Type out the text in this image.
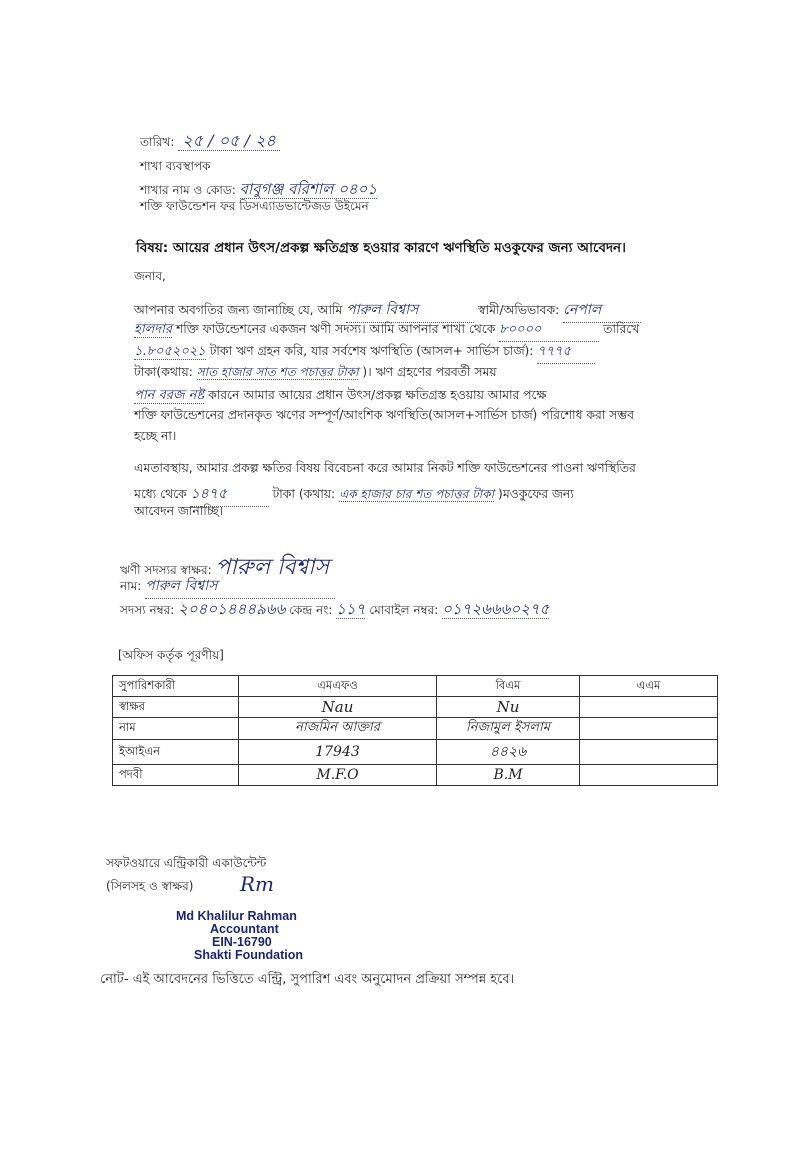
তারিখ: ২৫ / ০৫ / ২৪
শাখা ব্যবস্থাপক
শাখার নাম ও কোড: বাবুগঞ্জ বরিশাল ০৪০১
শক্তি ফাউন্ডেশন ফর ডিসএ্যাডভান্টেজড উইমেন
বিষয়: আয়ের প্রধান উৎস/প্রকল্প ক্ষতিগ্রস্ত হওয়ার কারণে ঋণস্থিতি মওকুফের জন্য আবেদন।
জনাব,
আপনার অবগতির জন্য জানাচ্ছি যে, আমি পারুল বিশ্বাস	স্বামী/অভিভাবক: নেপাল
হালদার শক্তি ফাউন্ডেশনের একজন ঋণী সদস্য। আমি আপনার শাখা থেকে ৮০০০০	তারিখে
১.৮০৫২০২১ টাকা ঋণ গ্রহন করি, যার সর্বশেষ ঋণস্থিতি (আসল+ সার্ভিস চার্জ): ৭৭৭৫
টাকা(কথায়: সাত হাজার সাত শত পচাত্তর টাকা )। ঋণ গ্রহণের পরবর্তী সময়
পান বরজ নষ্ট কারনে আমার আয়ের প্রধান উৎস/প্রকল্প ক্ষতিগ্রস্ত হওয়ায় আমার পক্ষে
শক্তি ফাউন্ডেশনের প্রদানকৃত ঋণের সম্পূর্ণ/আংশিক ঋণস্থিতি(আসল+সার্ভিস চার্জ) পরিশোধ করা সম্ভব
হচ্ছে না।
এমতাবস্থায়, আমার প্রকল্প ক্ষতির বিষয় বিবেচনা করে আমার নিকট শক্তি ফাউন্ডেশনের পাওনা ঋণস্থিতির
মধ্যে থেকে ১৪৭৫	টাকা (কথায়: এক হাজার চার শত পচাত্তর টাকা )মওকুফের জন্য
আবেদন জানাচ্ছি।
ঋণী সদস্যর স্বাক্ষর: পারুল বিশ্বাস
নাম: পারুল বিশ্বাস
সদস্য নম্বর: ২০৪০১৪৪৪৯৬৬ কেন্দ্র নং: ১১৭ মোবাইল নম্বর: ০১৭২৬৬৬০২৭৫
[অফিস কর্তৃক পূরণীয়]
সুপারিশকারী	এমএফও	বিএম	এএম
স্বাক্ষর	Nau	Nu	
নাম	নাজমিন আক্তার	নিজামুল ইসলাম	
ইআইএন	17943	৪৪২৬	
পদবী	M.F.O	B.M	
সফটওয়ারে এন্ট্রিকারী একাউন্টেন্ট
(সিলসহ ও স্বাক্ষর) Rm
Md Khalilur Rahman
Accountant
EIN-16790
Shakti Foundation
নোট- এই আবেদনের ভিত্তিতে এন্ট্রি, সুপারিশ এবং অনুমোদন প্রক্রিয়া সম্পন্ন হবে।
